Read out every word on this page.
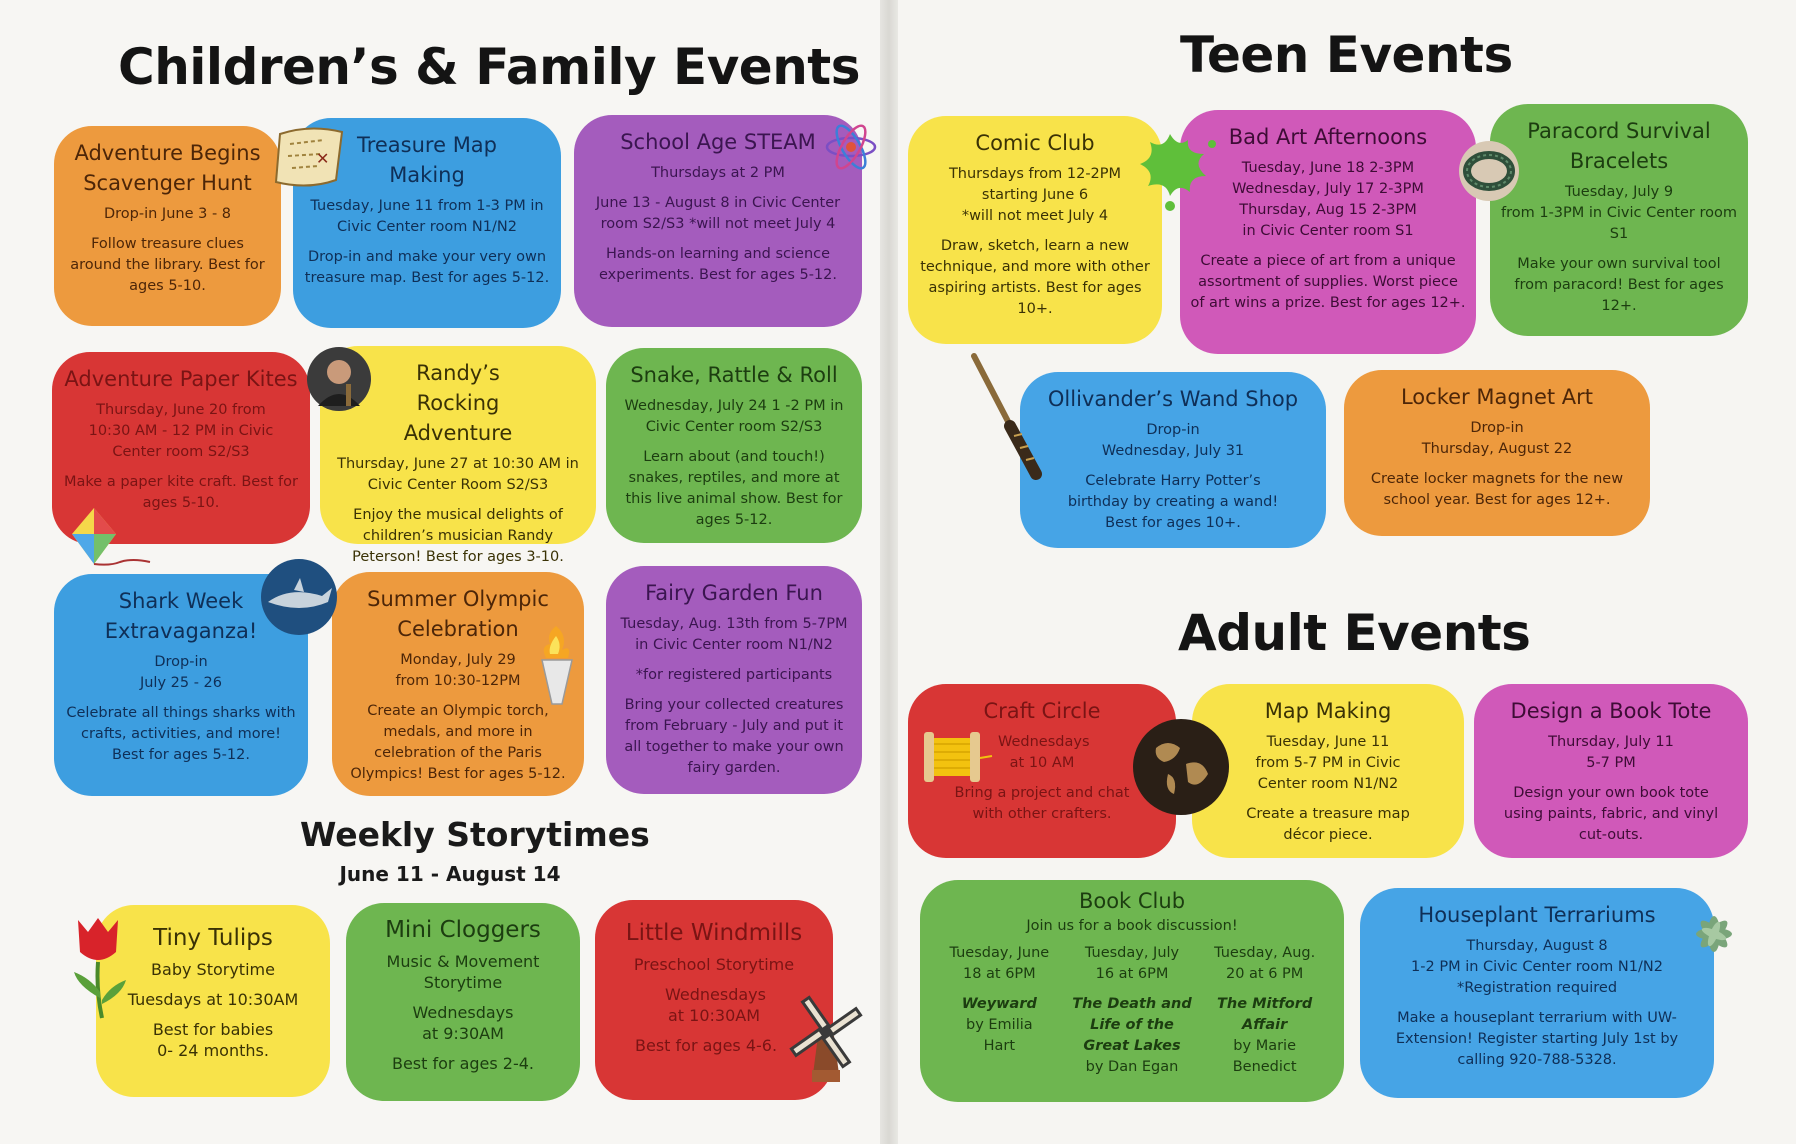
Children’s & Family Events
Adventure Begins Scavenger Hunt
Drop-in June 3 - 8
Follow treasure clues around the library. Best for ages 5-10.
Treasure Map Making
Tuesday, June 11 from 1-3 PM in Civic Center room N1/N2
Drop-in and make your very own treasure map. Best for ages 5-12.
School Age STEAM
Thursdays at 2 PM
June 13 - August 8 in Civic Center room S2/S3 *will not meet July 4
Hands-on learning and science experiments. Best for ages 5-12.
Adventure Paper Kites
Thursday, June 20 from 10:30 AM - 12 PM in Civic Center room S2/S3
Make a paper kite craft. Best for ages 5-10.
Randy’s Rocking Adventure
Thursday, June 27 at 10:30 AM in Civic Center Room S2/S3
Enjoy the musical delights of children’s musician Randy Peterson! Best for ages 3-10.
Snake, Rattle & Roll
Wednesday, July 24 1 -2 PM in Civic Center room S2/S3
Learn about (and touch!) snakes, reptiles, and more at this live animal show. Best for ages 5-12.
Shark Week Extravaganza!
Drop-in
July 25 - 26
Celebrate all things sharks with crafts, activities, and more! Best for ages 5-12.
Summer Olympic Celebration
Monday, July 29
from 10:30-12PM
Create an Olympic torch, medals, and more in celebration of the Paris Olympics! Best for ages 5-12.
Fairy Garden Fun
Tuesday, Aug. 13th from 5-7PM in Civic Center room N1/N2
*for registered participants
Bring your collected creatures from February - July and put it all together to make your own fairy garden.
Weekly Storytimes
June 11 - August 14
Tiny Tulips
Baby Storytime
Tuesdays at 10:30AM
Best for babies 0- 24 months.
Mini Cloggers
Music & Movement Storytime
Wednesdays at 9:30AM
Best for ages 2-4.
Little Windmills
Preschool Storytime
Wednesdays at 10:30AM
Best for ages 4-6.
Teen Events
Comic Club
Thursdays from 12-2PM starting June 6
*will not meet July 4
Draw, sketch, learn a new technique, and more with other aspiring artists. Best for ages 10+.
Bad Art Afternoons
Tuesday, June 18 2-3PM
Wednesday, July 17 2-3PM
Thursday, Aug 15 2-3PM
in Civic Center room S1
Create a piece of art from a unique assortment of supplies. Worst piece of art wins a prize. Best for ages 12+.
Paracord Survival Bracelets
Tuesday, July 9
from 1-3PM in Civic Center room S1
Make your own survival tool from paracord! Best for ages 12+.
Ollivander’s Wand Shop
Drop-in
Wednesday, July 31
Celebrate Harry Potter’s birthday by creating a wand! Best for ages 10+.
Locker Magnet Art
Drop-in
Thursday, August 22
Create locker magnets for the new school year. Best for ages 12+.
Adult Events
Craft Circle
Wednesdays at 10 AM
Bring a project and chat with other crafters.
Map Making
Tuesday, June 11 from 5-7 PM in Civic Center room N1/N2
Create a treasure map décor piece.
Design a Book Tote
Thursday, July 11
5-7 PM
Design your own book tote using paints, fabric, and vinyl cut-outs.
Book Club
Join us for a book discussion!
Tuesday, June 18 at 6PM
Weyward
by Emilia Hart
Tuesday, July 16 at 6PM
The Death and Life of the Great Lakes
by Dan Egan
Tuesday, Aug. 20 at 6 PM
The Mitford Affair
by Marie Benedict
Houseplant Terrariums
Thursday, August 8
1-2 PM in Civic Center room N1/N2
*Registration required
Make a houseplant terrarium with UW-Extension! Register starting July 1st by calling 920-788-5328.
✕
